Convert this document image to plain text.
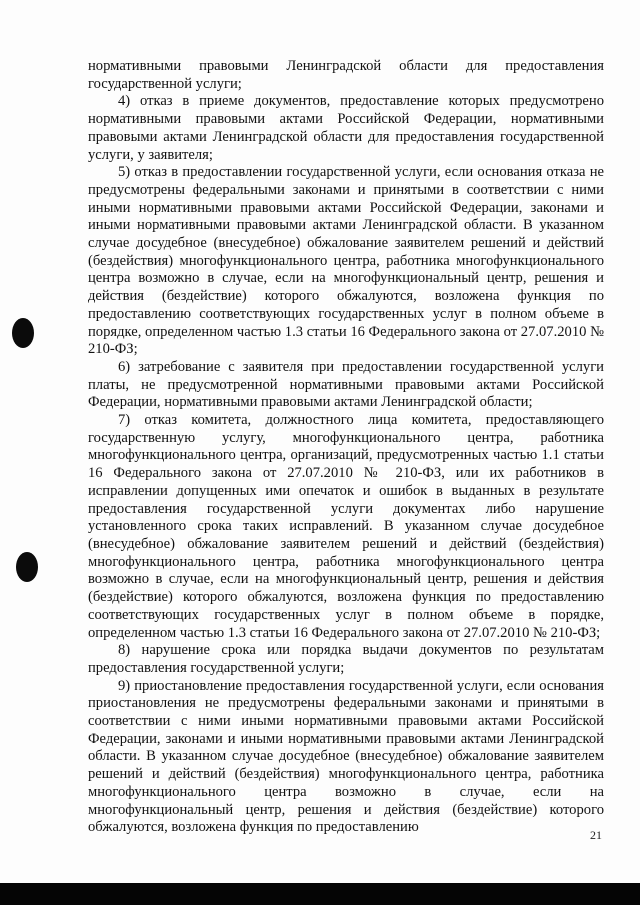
нормативными правовыми Ленинградской области для предоставления государственной услуги;

4) отказ в приеме документов, предоставление которых предусмотрено нормативными правовыми актами Российской Федерации, нормативными правовыми актами Ленинградской области для предоставления государственной услуги, у заявителя;

5) отказ в предоставлении государственной услуги, если основания отказа не предусмотрены федеральными законами и принятыми в соответствии с ними иными нормативными правовыми актами Российской Федерации, законами и иными нормативными правовыми актами Ленинградской области. В указанном случае досудебное (внесудебное) обжалование заявителем решений и действий (бездействия) многофункционального центра, работника многофункционального центра возможно в случае, если на многофункциональный центр, решения и действия (бездействие) которого обжалуются, возложена функция по предоставлению соответствующих государственных услуг в полном объеме в порядке, определенном частью 1.3 статьи 16 Федерального закона от 27.07.2010 № 210-ФЗ;

6) затребование с заявителя при предоставлении государственной услуги платы, не предусмотренной нормативными правовыми актами Российской Федерации, нормативными правовыми актами Ленинградской области;

7) отказ комитета, должностного лица комитета, предоставляющего государственную услугу, многофункционального центра, работника многофункционального центра, организаций, предусмотренных частью 1.1 статьи 16 Федерального закона от 27.07.2010 № 210-ФЗ, или их работников в исправлении допущенных ими опечаток и ошибок в выданных в результате предоставления государственной услуги документах либо нарушение установленного срока таких исправлений. В указанном случае досудебное (внесудебное) обжалование заявителем решений и действий (бездействия) многофункционального центра, работника многофункционального центра возможно в случае, если на многофункциональный центр, решения и действия (бездействие) которого обжалуются, возложена функция по предоставлению соответствующих государственных услуг в полном объеме в порядке, определенном частью 1.3 статьи 16 Федерального закона от 27.07.2010 № 210-ФЗ;

8) нарушение срока или порядка выдачи документов по результатам предоставления государственной услуги;

9) приостановление предоставления государственной услуги, если основания приостановления не предусмотрены федеральными законами и принятыми в соответствии с ними иными нормативными правовыми актами Российской Федерации, законами и иными нормативными правовыми актами Ленинградской области. В указанном случае досудебное (внесудебное) обжалование заявителем решений и действий (бездействия) многофункционального центра, работника многофункционального центра возможно в случае, если на многофункциональный центр, решения и действия (бездействие) которого обжалуются, возложена функция по предоставлению	21
